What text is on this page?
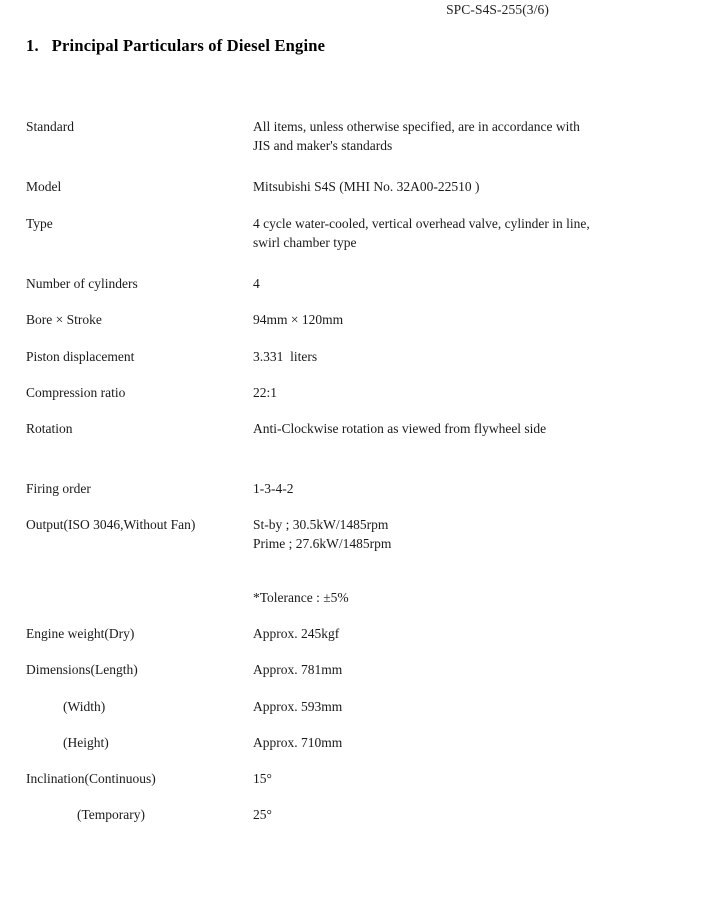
SPC-S4S-255(3/6)
1.   Principal Particulars of Diesel Engine
Standard	All items, unless otherwise specified, are in accordance with
JIS and maker's standards
Model	Mitsubishi S4S (MHI No. 32A00-22510 )
Type	4 cycle water-cooled, vertical overhead valve, cylinder in line,
swirl chamber type
Number of cylinders	4
Bore × Stroke	94mm × 120mm
Piston displacement	3.331  liters
Compression ratio	22:1
Rotation	Anti-Clockwise rotation as viewed from flywheel side
Firing order	1-3-4-2
Output(ISO 3046,Without Fan)	St-by ; 30.5kW/1485rpm
Prime ; 27.6kW/1485rpm
*Tolerance : ±5%
Engine weight(Dry)	Approx. 245kgf
Dimensions(Length)	Approx. 781mm
(Width)	Approx. 593mm
(Height)	Approx. 710mm
Inclination(Continuous)	15°
(Temporary)	25°
